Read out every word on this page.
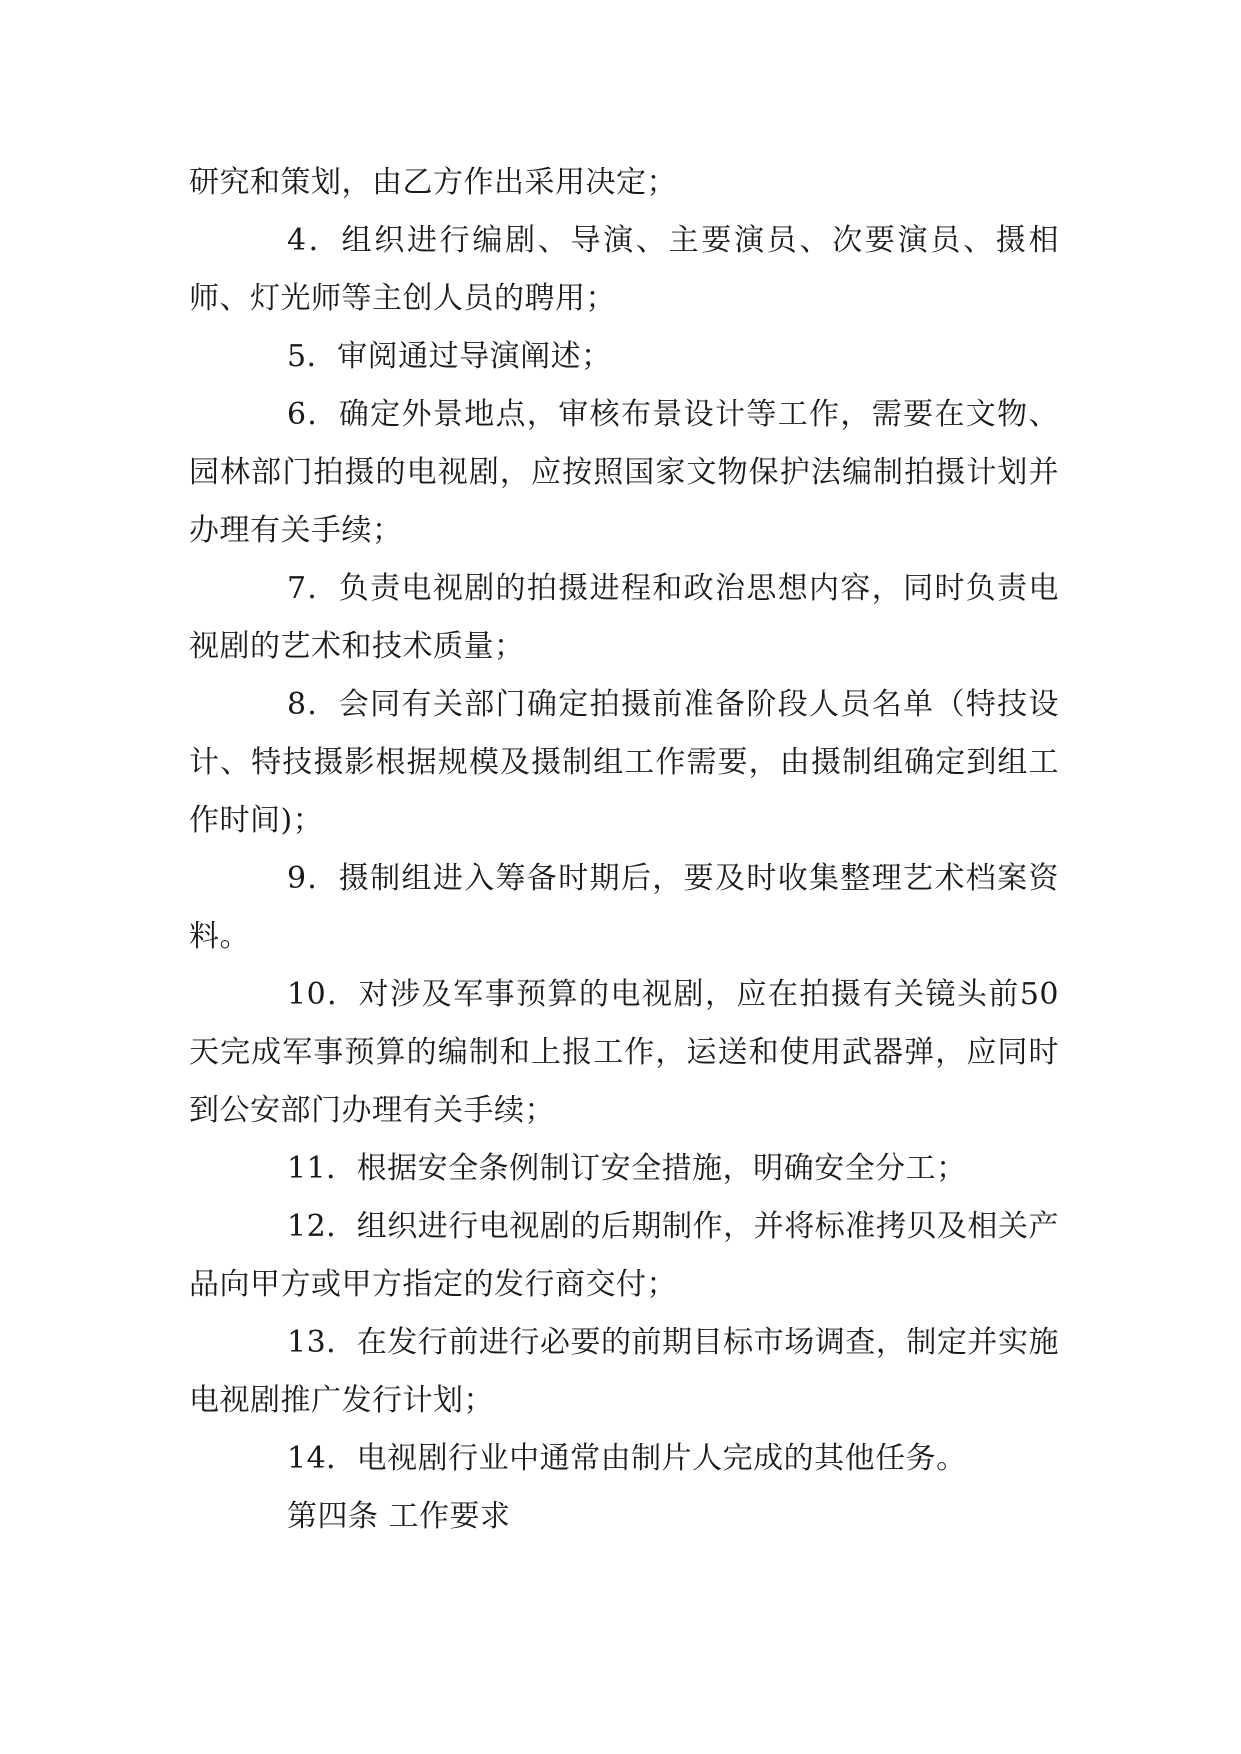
研究和策划，由乙方作出采用决定；

4．组织进行编剧、导演、主要演员、次要演员、摄相师、灯光师等主创人员的聘用；

5．审阅通过导演阐述；

6．确定外景地点，审核布景设计等工作，需要在文物、园林部门拍摄的电视剧，应按照国家文物保护法编制拍摄计划并办理有关手续；

7．负责电视剧的拍摄进程和政治思想内容，同时负责电视剧的艺术和技术质量；

8．会同有关部门确定拍摄前准备阶段人员名单（特技设计、特技摄影根据规模及摄制组工作需要，由摄制组确定到组工作时间)；

9．摄制组进入筹备时期后，要及时收集整理艺术档案资料。

10．对涉及军事预算的电视剧，应在拍摄有关镜头前50天完成军事预算的编制和上报工作，运送和使用武器弹，应同时到公安部门办理有关手续；

11．根据安全条例制订安全措施，明确安全分工；

12．组织进行电视剧的后期制作，并将标准拷贝及相关产品向甲方或甲方指定的发行商交付；

13．在发行前进行必要的前期目标市场调查，制定并实施电视剧推广发行计划；

14．电视剧行业中通常由制片人完成的其他任务。

第四条 工作要求
